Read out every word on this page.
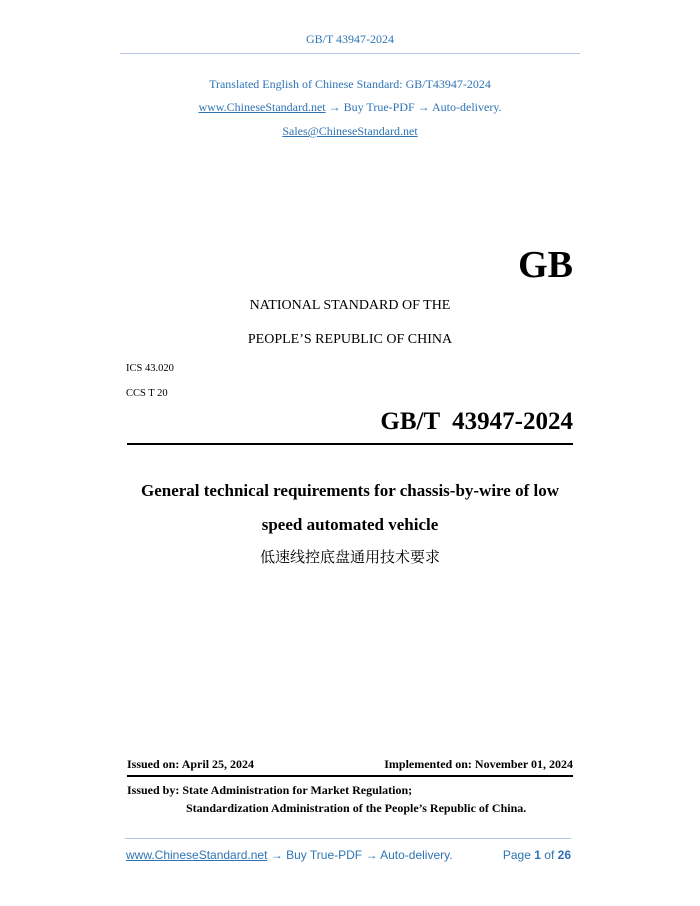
GB/T 43947-2024
Translated English of Chinese Standard: GB/T43947-2024
www.ChineseStandard.net → Buy True-PDF → Auto-delivery.
Sales@ChineseStandard.net
GB
NATIONAL STANDARD OF THE
PEOPLE’S REPUBLIC OF CHINA
ICS 43.020
CCS T 20
GB/T  43947-2024
General technical requirements for chassis-by-wire of low
speed automated vehicle
低速线控底盘通用技术要求
Issued on: April 25, 2024	Implemented on: November 01, 2024
Issued by: State Administration for Market Regulation;
Standardization Administration of the People’s Republic of China.
www.ChineseStandard.net → Buy True-PDF → Auto-delivery.	Page 1 of 26
